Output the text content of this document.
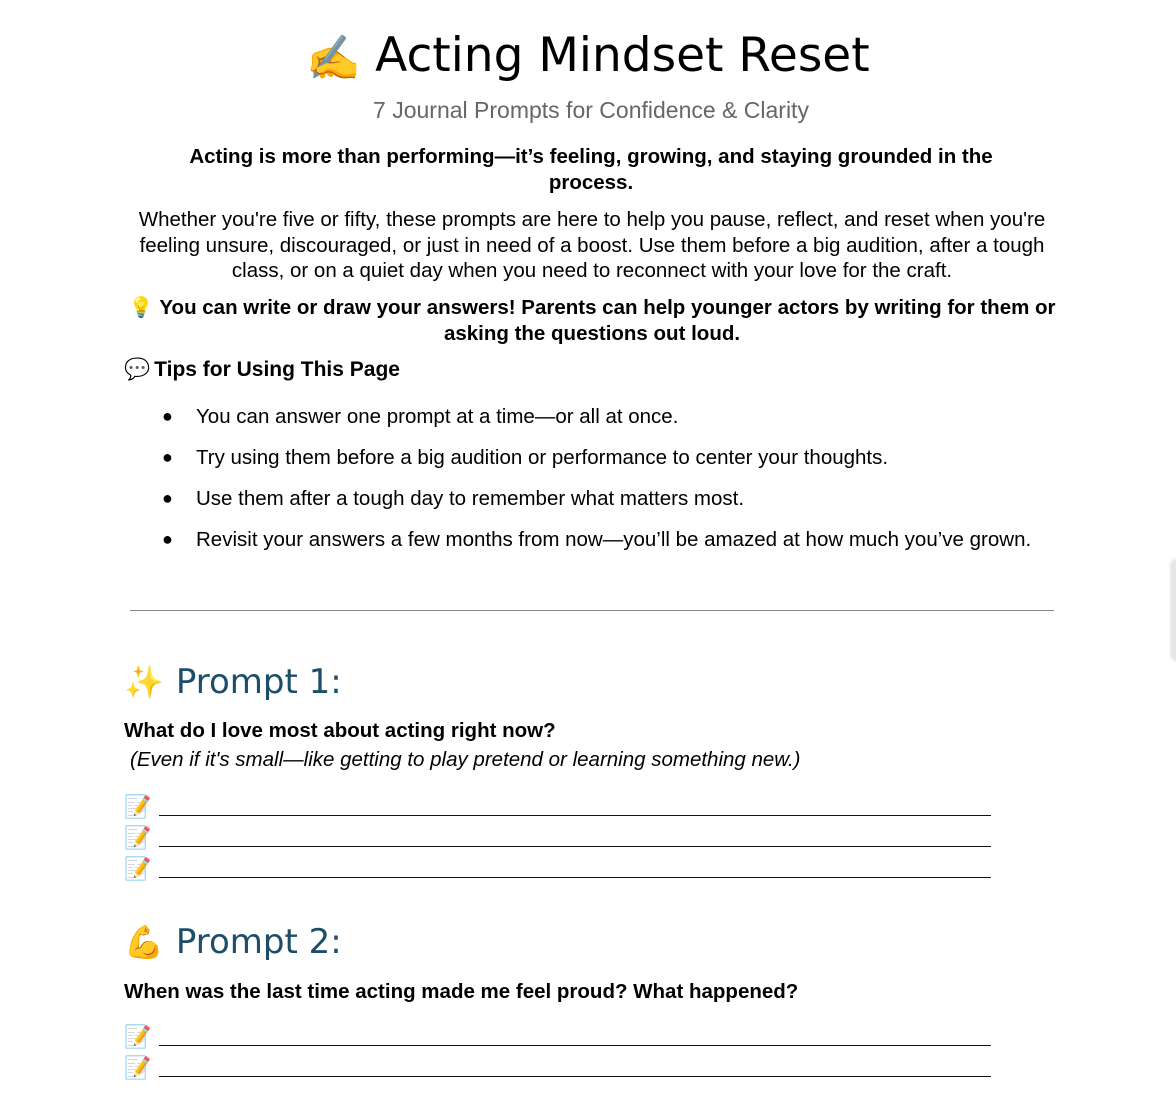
✍️ Acting Mindset Reset
7 Journal Prompts for Confidence & Clarity
Acting is more than performing—it’s feeling, growing, and staying grounded in the process.
Whether you're five or fifty, these prompts are here to help you pause, reflect, and reset when you're feeling unsure, discouraged, or just in need of a boost. Use them before a big audition, after a tough class, or on a quiet day when you need to reconnect with your love for the craft.
💡 You can write or draw your answers! Parents can help younger actors by writing for them or asking the questions out loud.
💬 Tips for Using This Page
● You can answer one prompt at a time—or all at once.
● Try using them before a big audition or performance to center your thoughts.
● Use them after a tough day to remember what matters most.
● Revisit your answers a few months from now—you’ll be amazed at how much you’ve grown.
✨ Prompt 1:
What do I love most about acting right now?
(Even if it's small—like getting to play pretend or learning something new.)
📝
📝
📝
💪 Prompt 2:
When was the last time acting made me feel proud? What happened?
📝
📝
